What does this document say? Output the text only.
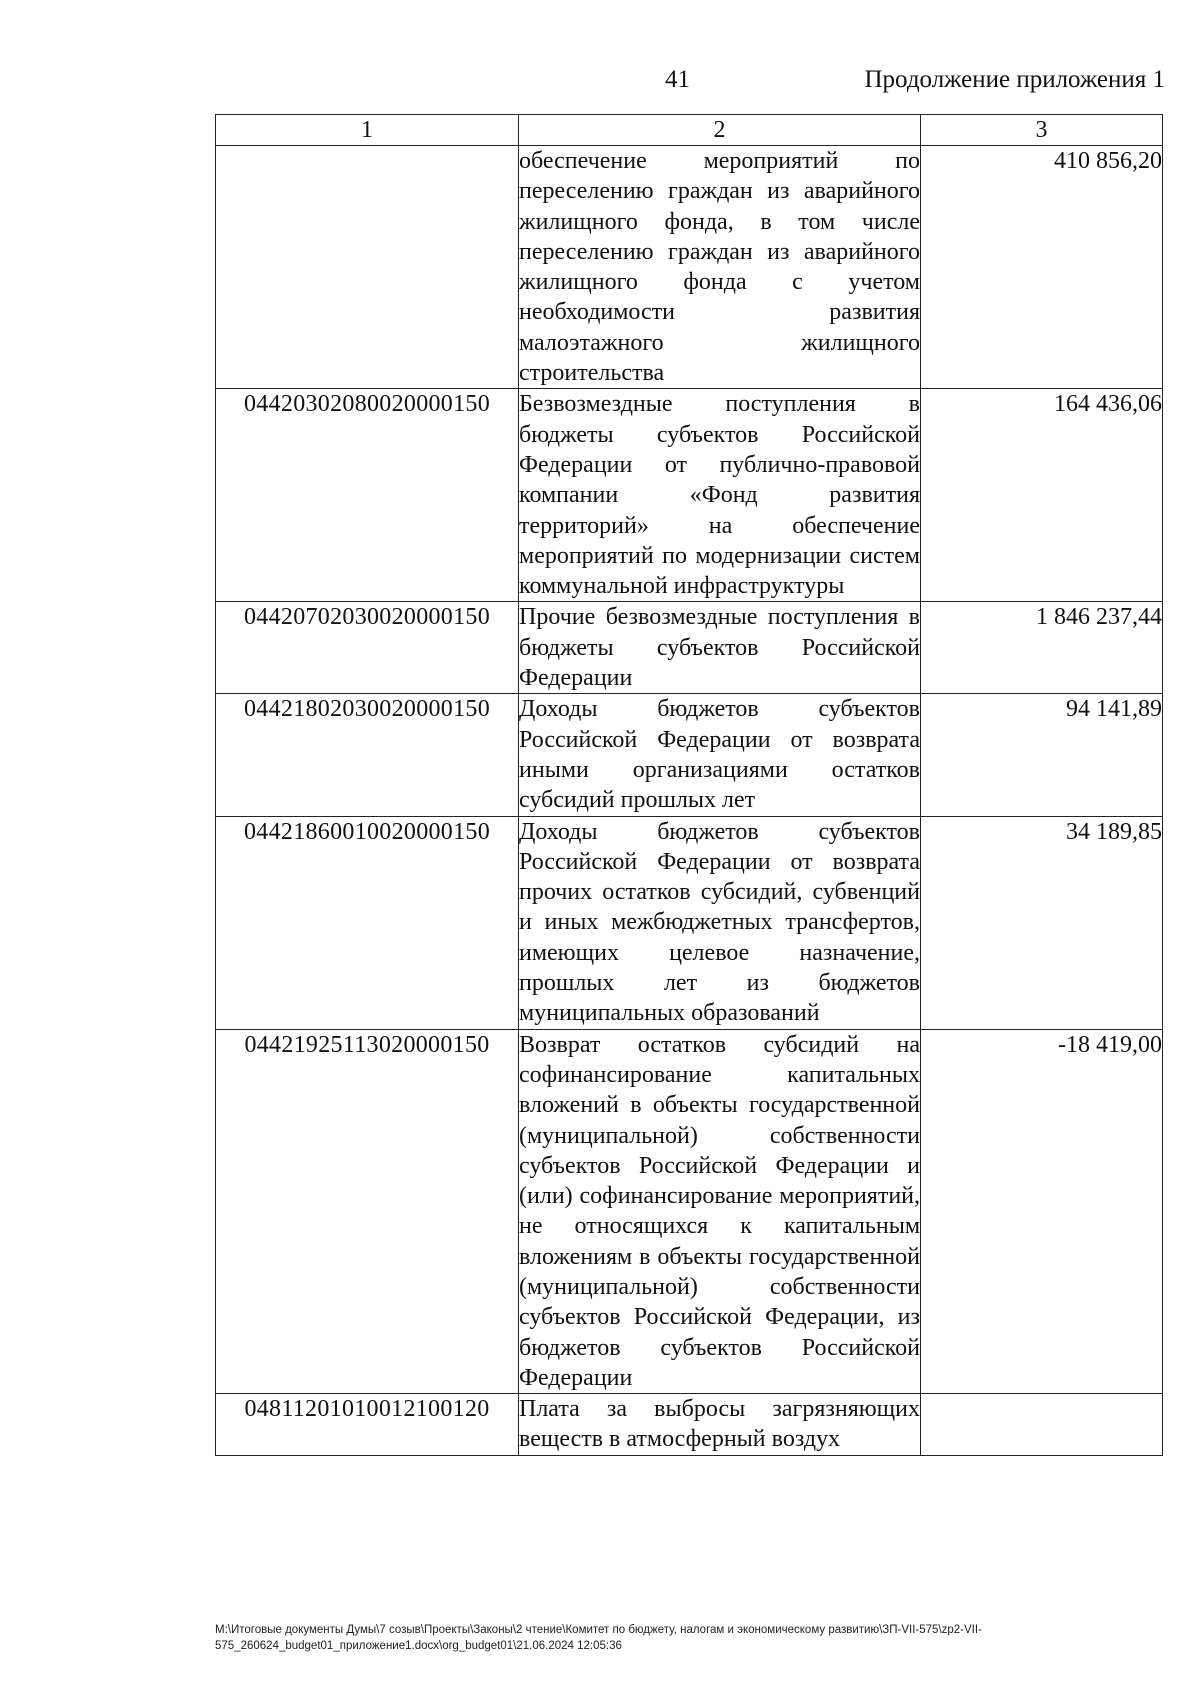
41	Продолжение приложения 1
1	2	3
	обеспечение мероприятий по переселению граждан из аварийного жилищного фонда, в том числе переселению граждан из аварийного жилищного фонда с учетом необходимости развития малоэтажного жилищного строительства	410 856,20

04420302080020000150	Безвозмездные поступления в бюджеты субъектов Российской Федерации от публично-правовой компании «Фонд развития территорий» на обеспечение мероприятий по модернизации систем коммунальной инфраструктуры	164 436,06

04420702030020000150	Прочие безвозмездные поступления в бюджеты субъектов Российской Федерации	1 846 237,44

04421802030020000150	Доходы бюджетов субъектов Российской Федерации от возврата иными организациями остатков субсидий прошлых лет	94 141,89

04421860010020000150	Доходы бюджетов субъектов Российской Федерации от возврата прочих остатков субсидий, субвенций и иных межбюджетных трансфертов, имеющих целевое назначение, прошлых лет из бюджетов муниципальных образований	34 189,85

04421925113020000150	Возврат остатков субсидий на софинансирование капитальных вложений в объекты государственной (муниципальной) собственности субъектов Российской Федерации и (или) софинансирование мероприятий, не относящихся к капитальным вложениям в объекты государственной (муниципальной) собственности субъектов Российской Федерации, из бюджетов субъектов Российской Федерации	-18 419,00

04811201010012100120	Плата за выбросы загрязняющих веществ в атмосферный воздух	
M:\Итоговые документы Думы\7 созыв\Проекты\Законы\2 чтение\Комитет по бюджету, налогам и экономическому развитию\ЗП-VII-575\zp2-VII-575_260624_budget01_приложение1.docx\org_budget01\21.06.2024 12:05:36
